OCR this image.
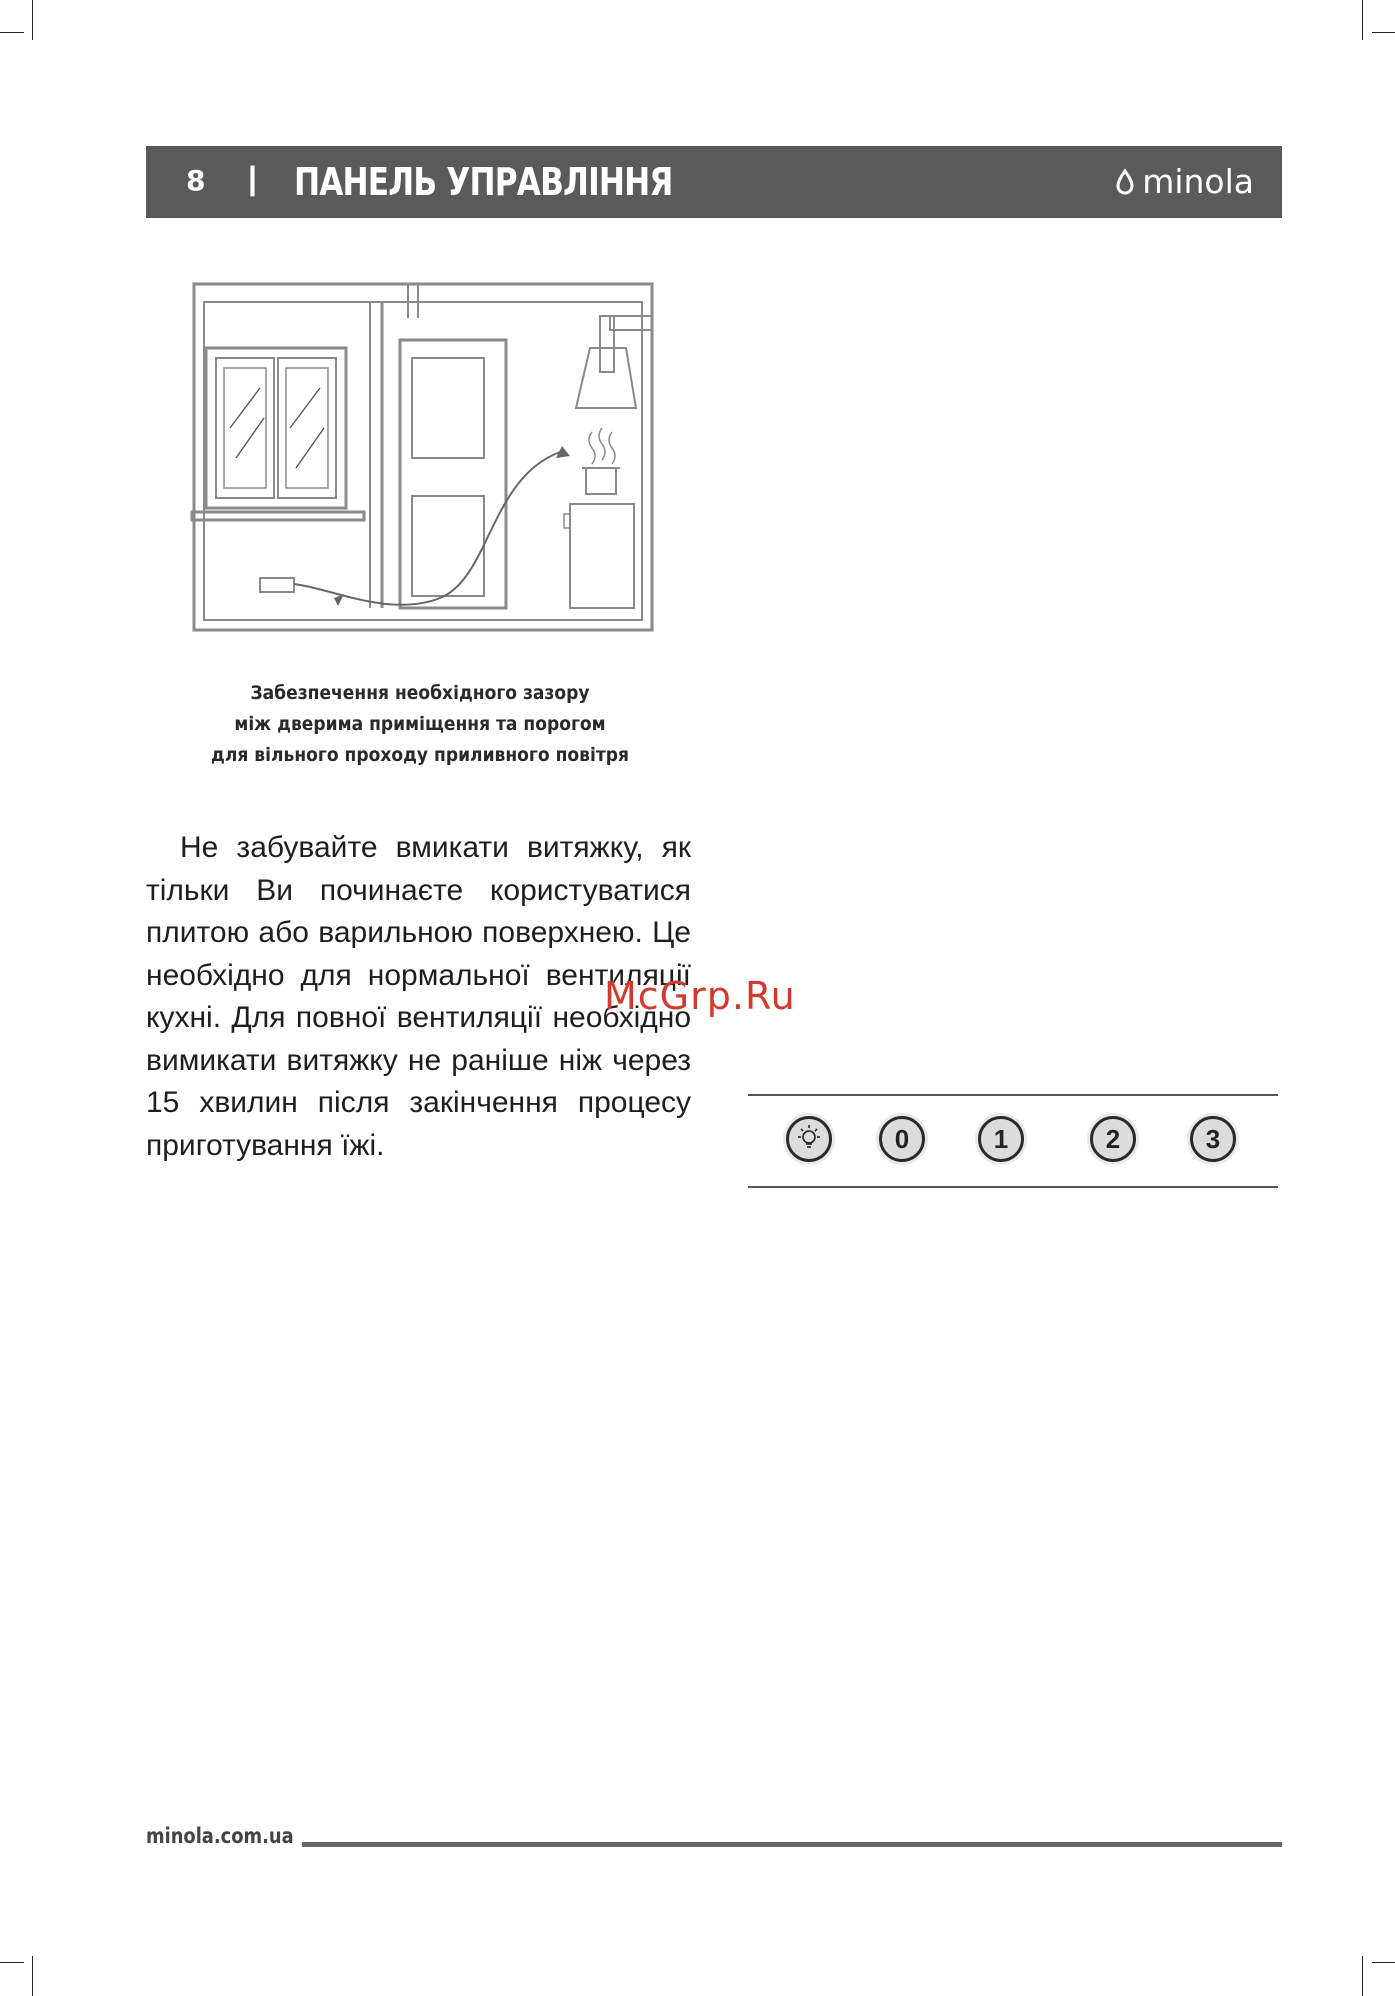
8 | ПАНЕЛЬ УПРАВЛІННЯ	minola
Забезпечення необхідного зазору
між дверима приміщення та порогом
для вільного проходу приливного повітря
Не забувайте вмикати витяжку, як тільки Ви починаєте користуватися плитою або варильною поверхнею. Це необхідно для нормальної вентиляції кухні. Для повної вентиляції необхідно вимикати витяжку не раніше ніж через 15 хвилин після закінчення процесу приготування їжі.
McGrp.Ru
0	1	2	3
minola.com.ua
